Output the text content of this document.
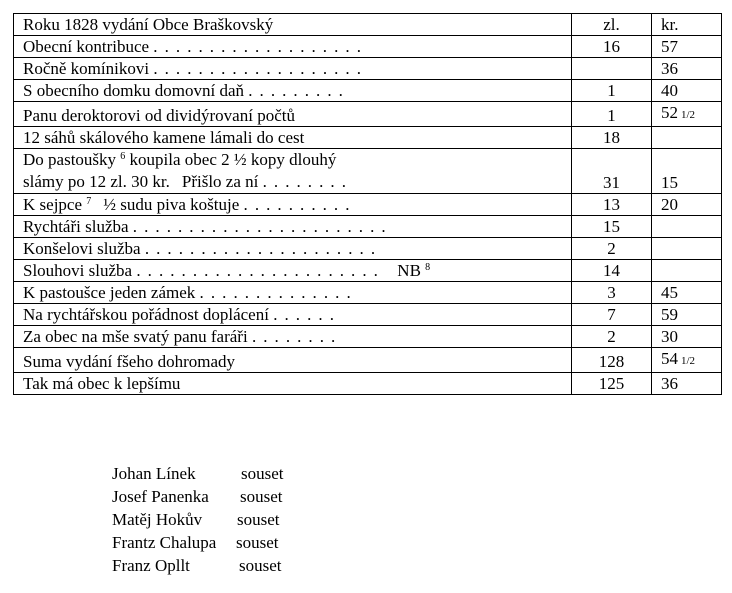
Roku 1828 vydání Obce Braškovský	zl.	kr.
Obecní kontribuce . . . . . . . . . . . . . . . . . . .	16	57
Ročně komínikovi . . . . . . . . . . . . . . . . . . .		36
S obecního domku domovní daň . . . . . . . . .	1	40
Panu deroktorovi od dividýrovaní počtů	1	52 1/2
12 sáhů skálového kamene lámali do cest	18	
Do pastoušky $^6$ koupila obec 2 ½ kopy dlouhý
slámy po 12 zl. 30 kr. Přišlo za ní . . . . . . . .	31	15
K sejpce $^7$ ½ sudu piva koštuje . . . . . . . . . .	13	20
Rychtáři služba . . . . . . . . . . . . . . . . . . . . . . .	15	
Konšelovi služba . . . . . . . . . . . . . . . . . . . . .	2	
Slouhovi služba . . . . . . . . . . . . . . . . . . . . . . NB $^8$	14	
K pastoušce jeden zámek . . . . . . . . . . . . . .	3	45
Na rychtářskou pořádnost doplácení . . . . . .	7	59
Za obec na mše svatý panu faráři . . . . . . . .	2	30
Suma vydání fšeho dohromady	128	54 1/2
Tak má obec k lepšímu	125	36
Johan Línek	souset
Josef Panenka souset
Matěj Hokův souset
Frantz Chalupa souset
Franz Opllt	souset
